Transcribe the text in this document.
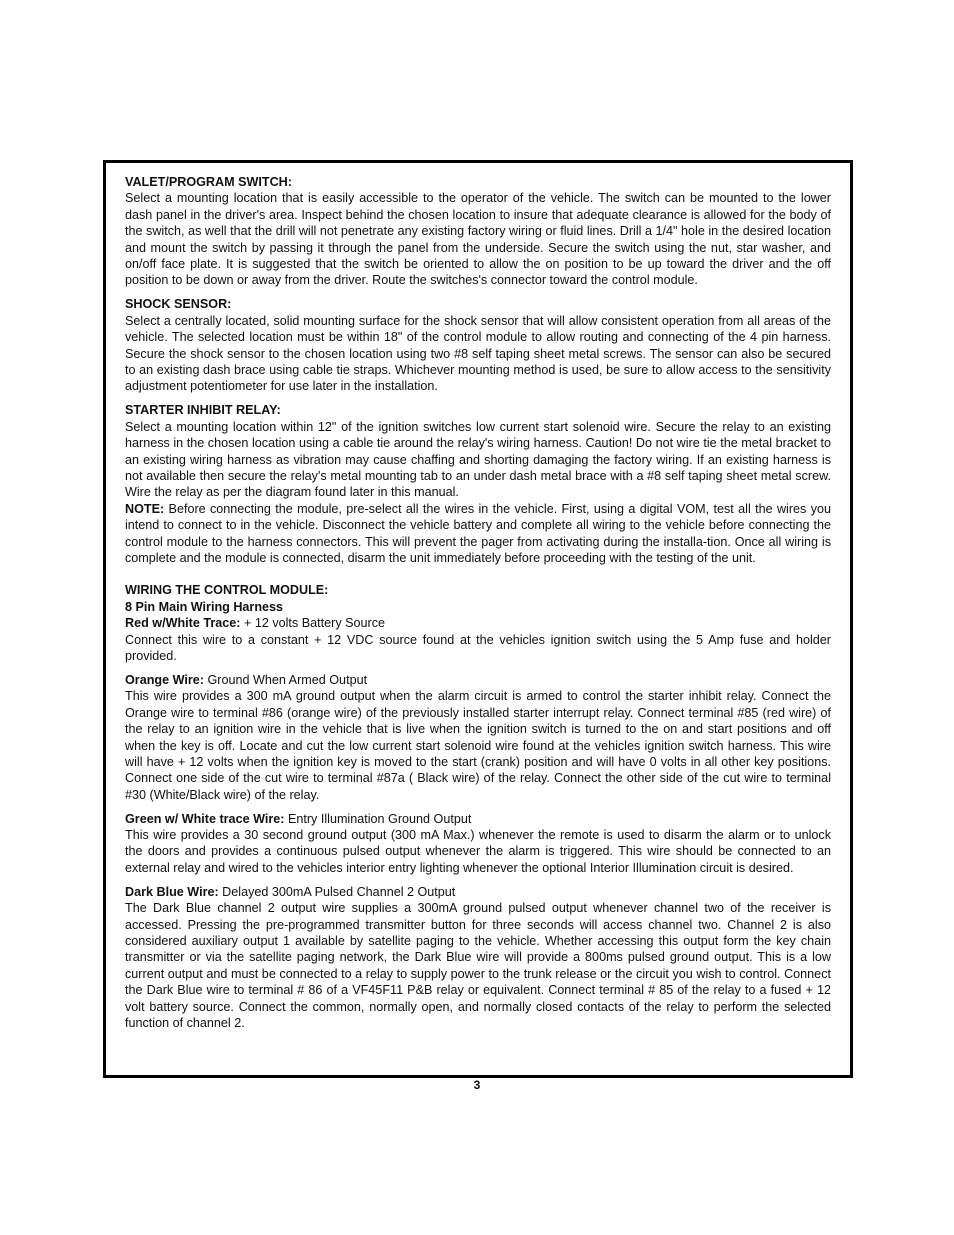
VALET/PROGRAM SWITCH:

Select a mounting location that is easily accessible to the operator of the vehicle. The switch can be mounted to the lower dash panel in the driver's area. Inspect behind the chosen location to insure that adequate clearance is allowed for the body of the switch, as well that the drill will not penetrate any existing factory wiring or fluid lines. Drill a 1/4" hole in the desired location and mount the switch by passing it through the panel from the underside. Secure the switch using the nut, star washer, and on/off face plate. It is suggested that the switch be oriented to allow the on position to be up toward the driver and the off position to be down or away from the driver. Route the switches's connector toward the control module.

SHOCK SENSOR:

Select a centrally located, solid mounting surface for the shock sensor that will allow consistent operation from all areas of the vehicle. The selected location must be within 18" of the control module to allow routing and connecting of the 4 pin harness. Secure the shock sensor to the chosen location using two #8 self taping sheet metal screws. The sensor can also be secured to an existing dash brace using cable tie straps. Whichever mounting method is used, be sure to allow access to the sensitivity adjustment potentiometer for use later in the installation.

STARTER INHIBIT RELAY:

Select a mounting location within 12" of the ignition switches low current start solenoid wire. Secure the relay to an existing harness in the chosen location using a cable tie around the relay's wiring harness. Caution! Do not wire tie the metal bracket to an existing wiring harness as vibration may cause chaffing and shorting damaging the factory wiring. If an existing harness is not available then secure the relay's metal mounting tab to an under dash metal brace with a #8 self taping sheet metal screw. Wire the relay as per the diagram found later in this manual.

NOTE: Before connecting the module, pre-select all the wires in the vehicle. First, using a digital VOM, test all the wires you intend to connect to in the vehicle. Disconnect the vehicle battery and complete all wiring to the vehicle before connecting the control module to the harness connectors. This will prevent the pager from activating during the installa-tion. Once all wiring is complete and the module is connected, disarm the unit immediately before proceeding with the testing of the unit.

WIRING THE CONTROL MODULE:
8 Pin Main Wiring Harness
Red w/White Trace: + 12 volts Battery Source

Connect this wire to a constant + 12 VDC source found at the vehicles ignition switch using the 5 Amp fuse and holder provided.

Orange Wire: Ground When Armed Output

This wire provides a 300 mA ground output when the alarm circuit is armed to control the starter inhibit relay. Connect the Orange wire to terminal #86 (orange wire) of the previously installed starter interrupt relay. Connect terminal #85 (red wire) of the relay to an ignition wire in the vehicle that is live when the ignition switch is turned to the on and start positions and off when the key is off. Locate and cut the low current start solenoid wire found at the vehicles ignition switch harness. This wire will have + 12 volts when the ignition key is moved to the start (crank) position and will have 0 volts in all other key positions. Connect one side of the cut wire to terminal #87a ( Black wire) of the relay. Connect the other side of the cut wire to terminal #30 (White/Black wire) of the relay.

Green w/ White trace Wire: Entry Illumination Ground Output

This wire provides a 30 second ground output (300 mA Max.) whenever the remote is used to disarm the alarm or to unlock the doors and provides a continuous pulsed output whenever the alarm is triggered. This wire should be connected to an external relay and wired to the vehicles interior entry lighting whenever the optional Interior Illumination circuit is desired.

Dark Blue Wire: Delayed 300mA Pulsed Channel 2 Output

The Dark Blue channel 2 output wire supplies a 300mA ground pulsed output whenever channel two of the receiver is accessed. Pressing the pre-programmed transmitter button for three seconds will access channel two. Channel 2 is also considered auxiliary output 1 available by satellite paging to the vehicle. Whether accessing this output form the key chain transmitter or via the satellite paging network, the Dark Blue wire will provide a 800ms pulsed ground output. This is a low current output and must be connected to a relay to supply power to the trunk release or the circuit you wish to control. Connect the Dark Blue wire to terminal # 86 of a VF45F11 P&B relay or equivalent. Connect terminal # 85 of the relay to a fused + 12 volt battery source. Connect the common, normally open, and normally closed contacts of the relay to perform the selected function of channel 2.

3
